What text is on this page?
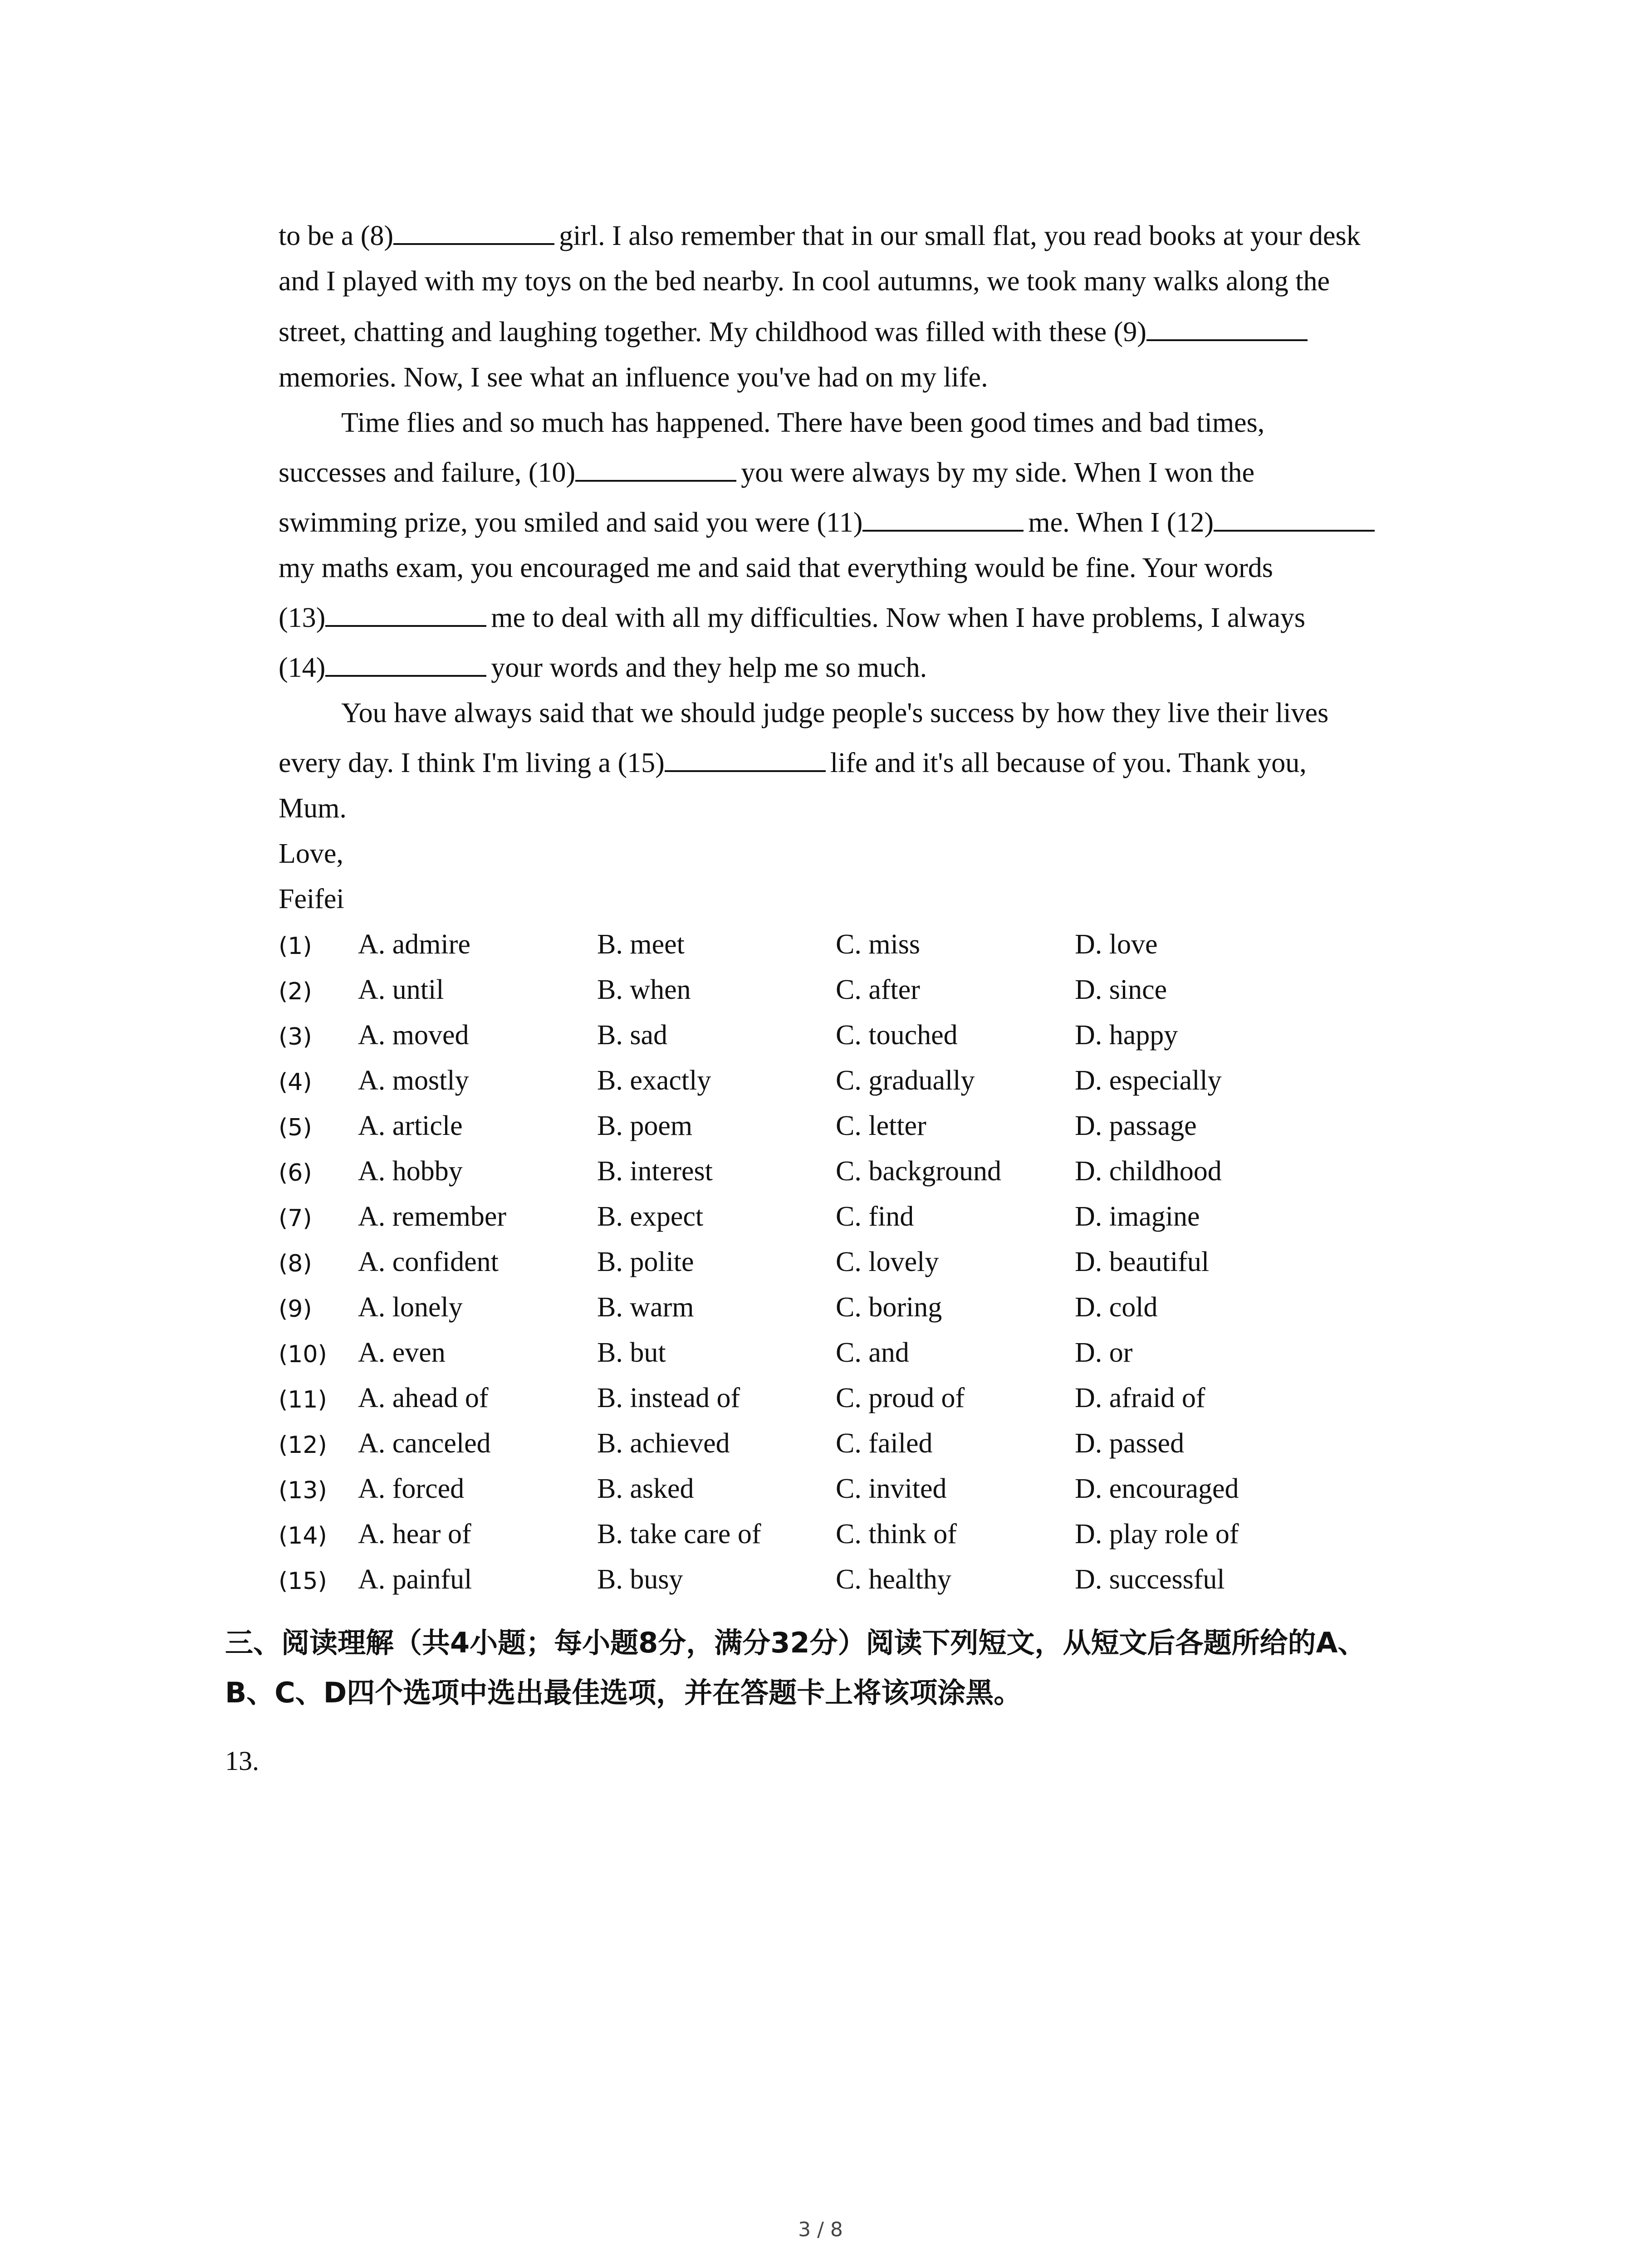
to be a (8)	girl. I also remember that in our small flat, you read books at your desk
and I played with my toys on the bed nearby. In cool autumns, we took many walks along the
street, chatting and laughing together. My childhood was filled with these (9)
memories. Now, I see what an influence you've had on my life.
Time flies and so much has happened. There have been good times and bad times,
successes and failure, (10)	you were always by my side. When I won the
swimming prize, you smiled and said you were (11)	me. When I (12)
my maths exam, you encouraged me and said that everything would be fine. Your words
(13)	me to deal with all my difficulties. Now when I have problems, I always
(14)	your words and they help me so much.
You have always said that we should judge people's success by how they live their lives
every day. I think I'm living a (15)	life and it's all because of you. Thank you,
Mum.
Love,
Feifei
(1) A. admire	B. meet	C. miss	D. love
(2) A. until	B. when	C. after	D. since
(3) A. moved	B. sad	C. touched	D. happy
(4) A. mostly	B. exactly	C. gradually	D. especially
(5) A. article	B. poem	C. letter	D. passage
(6) A. hobby	B. interest	C. background	D. childhood
(7) A. remember	B. expect	C. find	D. imagine
(8) A. confident	B. polite	C. lovely	D. beautiful
(9) A. lonely	B. warm	C. boring	D. cold
(10) A. even	B. but	C. and	D. or
(11) A. ahead of	B. instead of	C. proud of	D. afraid of
(12) A. canceled	B. achieved	C. failed	D. passed
(13) A. forced	B. asked	C. invited	D. encouraged
(14) A. hear of	B. take care of	C. think of	D. play role of
(15) A. painful	B. busy	C. healthy	D. successful
三、阅读理解（共4小题；每小题8分，满分32分）阅读下列短文，从短文后各题所给的A、
B、C、D四个选项中选出最佳选项，并在答题卡上将该项涂黑。
13.
3 / 8
